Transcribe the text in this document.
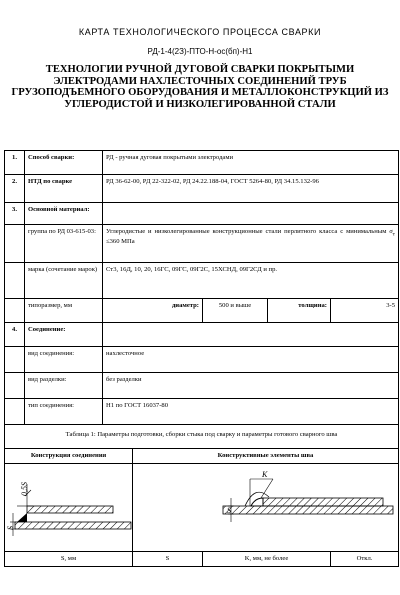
КАРТА ТЕХНОЛОГИЧЕСКОГО ПРОЦЕССА СВАРКИ
РД-1-4(2З)-ПТО-Н-ос(бп)-Н1
ТЕХНОЛОГИИ РУЧНОЙ ДУГОВОЙ СВАРКИ ПОКРЫТЫМИ ЭЛЕКТРОДАМИ НАХЛЕСТОЧНЫХ СОЕДИНЕНИЙ ТРУБ ГРУЗОПОДЪЕМНОГО ОБОРУДОВАНИЯ И МЕТАЛЛОКОНСТРУКЦИЙ ИЗ УГЛЕРОДИСТОЙ И НИЗКОЛЕГИРОВАННОЙ СТАЛИ
1.	Способ сварки:	РД - ручная дуговая покрытыми электродами				
2.	НТД по сварке	РД 36-62-00, РД 22-322-02, РД 24.22.188-04, ГОСТ 5264-80, РД 34.15.132-96				
3.	Основной материал:					
	группа по РД 03-615-03:	Углеродистые и низколегированные конструкционные стали перлитного класса с минимальным $\sigma_т \le 360$ МПа				
	марка (сочетание марок)	Ст3, 16Д, 10, 20, 16ГС, 09ГС, 09Г2С, 15ХСНД, 09Г2СД и пр.				
	типоразмер, мм	диаметр:		500 и выше	толщина:	3-5
4.	Соединение:					
	вид соединения:	нахлесточное				
	вид разделки:	без разделки				
	тип соединения:	Н1 по ГОСТ 16037-80				
Таблица 1: Параметры подготовки, сборки стыка под сварку и параметры готового сварного шва						
Конструкция соединения			Конструктивные элементы шва			

S
0,5S			K
S			

S, мм			S	K, мм, не более		Откл.
